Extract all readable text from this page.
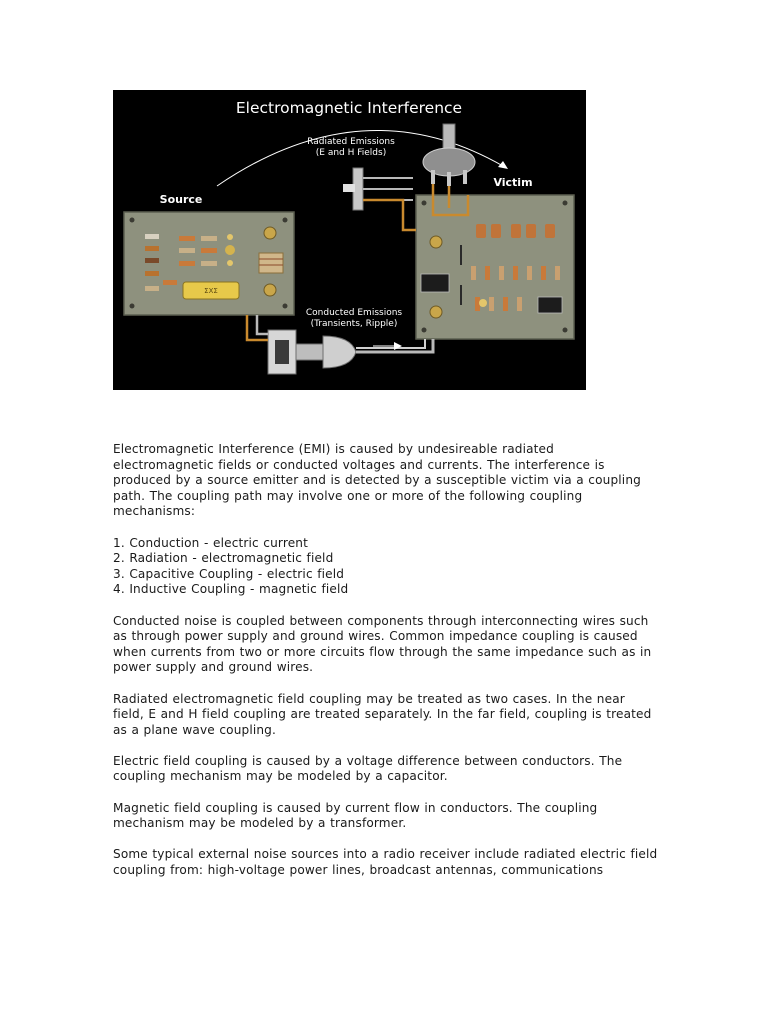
Electromagnetic Interference
Radiated Emissions
(E and H Fields)
ΣXΣ
Source
Victim
Conducted Emissions
(Transients, Ripple)

Electromagnetic Interference (EMI) is caused by undesireable radiated electromagnetic fields or conducted voltages and currents. The interference is produced by a source emitter and is detected by a susceptible victim via a coupling path. The coupling path may involve one or more of the following coupling mechanisms:

1. Conduction - electric current
2. Radiation - electromagnetic field
3. Capacitive Coupling - electric field
4. Inductive Coupling - magnetic field

Conducted noise is coupled between components through interconnecting wires such as through power supply and ground wires. Common impedance coupling is caused when currents from two or more circuits flow through the same impedance such as in power supply and ground wires.

Radiated electromagnetic field coupling may be treated as two cases. In the near field, E and H field coupling are treated separately. In the far field, coupling is treated as a plane wave coupling.

Electric field coupling is caused by a voltage difference between conductors. The coupling mechanism may be modeled by a capacitor.

Magnetic field coupling is caused by current flow in conductors. The coupling mechanism may be modeled by a transformer.

Some typical external noise sources into a radio receiver include radiated electric field coupling from: high-voltage power lines, broadcast antennas, communications
